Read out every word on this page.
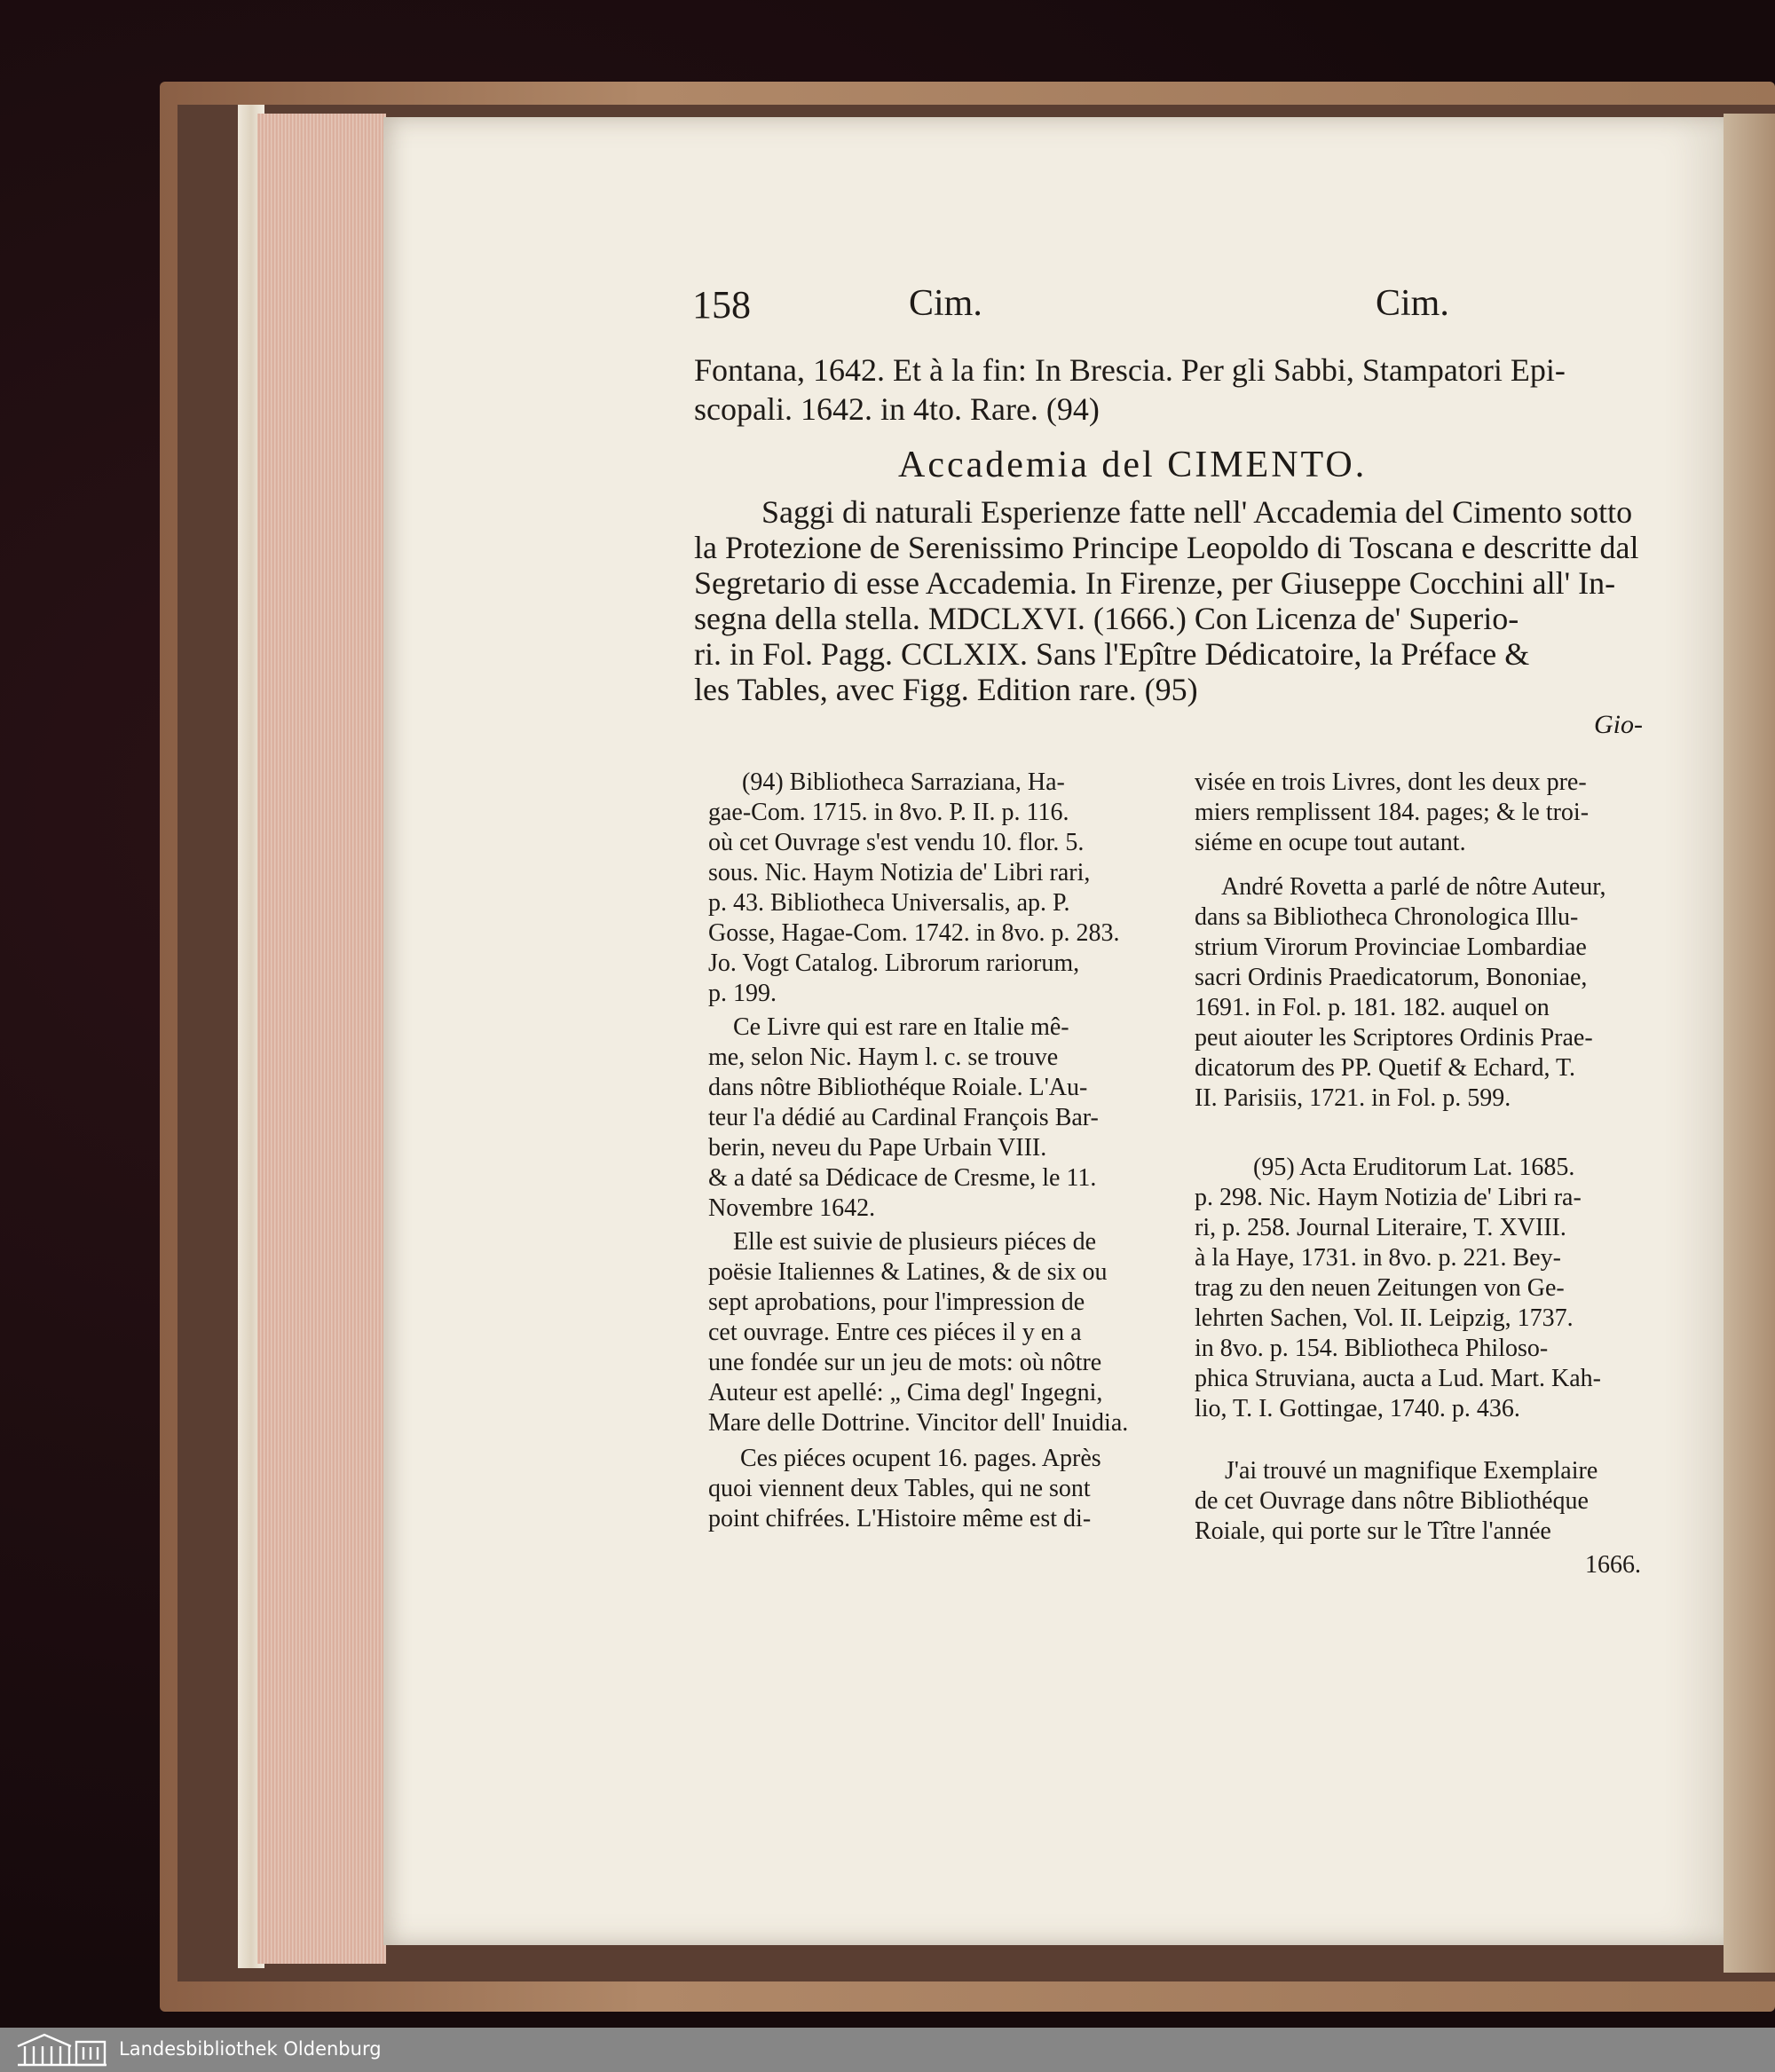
158	Cim.	Cim.
Fontana, 1642. Et à la fin: In Brescia. Per gli Sabbi, Stampatori Epi-
scopali. 1642. in 4to. Rare. (94)
Accademia del CIMENTO.
Saggi di naturali Esperienze fatte nell' Accademia del Cimento sotto
la Protezione de Serenissimo Principe Leopoldo di Toscana e descritte dal
Segretario di esse Accademia. In Firenze, per Giuseppe Cocchini all' In-
segna della stella. MDCLXVI. (1666.) Con Licenza de' Superio-
ri. in Fol. Pagg. CCLXIX. Sans l'Epître Dédicatoire, la Préface &
les Tables, avec Figg. Edition rare. (95)
Gio-
(94) Bibliotheca Sarraziana, Ha-
gae-Com. 1715. in 8vo. P. II. p. 116.
où cet Ouvrage s'est vendu 10. flor. 5.
sous. Nic. Haym Notizia de' Libri rari,
p. 43. Bibliotheca Universalis, ap. P.
Gosse, Hagae-Com. 1742. in 8vo. p. 283.
Jo. Vogt Catalog. Librorum rariorum,
p. 199.
Ce Livre qui est rare en Italie mê-
me, selon Nic. Haym l. c. se trouve
dans nôtre Bibliothéque Roiale. L'Au-
teur l'a dédié au Cardinal François Bar-
berin, neveu du Pape Urbain VIII.
& a daté sa Dédicace de Cresme, le 11.
Novembre 1642.
Elle est suivie de plusieurs piéces de
poësie Italiennes & Latines, & de six ou
sept aprobations, pour l'impression de
cet ouvrage. Entre ces piéces il y en a
une fondée sur un jeu de mots: où nôtre
Auteur est apellé: „ Cima degl' Ingegni,
Mare delle Dottrine. Vincitor dell' Inuidia.
Ces piéces ocupent 16. pages. Après
quoi viennent deux Tables, qui ne sont
point chifrées. L'Histoire même est di-
visée en trois Livres, dont les deux pre-
miers remplissent 184. pages; & le troi-
siéme en ocupe tout autant.
André Rovetta a parlé de nôtre Auteur,
dans sa Bibliotheca Chronologica Illu-
strium Virorum Provinciae Lombardiae
sacri Ordinis Praedicatorum, Bononiae,
1691. in Fol. p. 181. 182. auquel on
peut aiouter les Scriptores Ordinis Prae-
dicatorum des PP. Quetif & Echard, T.
II. Parisiis, 1721. in Fol. p. 599.
(95) Acta Eruditorum Lat. 1685.
p. 298. Nic. Haym Notizia de' Libri ra-
ri, p. 258. Journal Literaire, T. XVIII.
à la Haye, 1731. in 8vo. p. 221. Bey-
trag zu den neuen Zeitungen von Ge-
lehrten Sachen, Vol. II. Leipzig, 1737.
in 8vo. p. 154. Bibliotheca Philoso-
phica Struviana, aucta a Lud. Mart. Kah-
lio, T. I. Gottingae, 1740. p. 436.
J'ai trouvé un magnifique Exemplaire
de cet Ouvrage dans nôtre Bibliothéque
Roiale, qui porte sur le Tître l'année
1666.
Landesbibliothek Oldenburg
